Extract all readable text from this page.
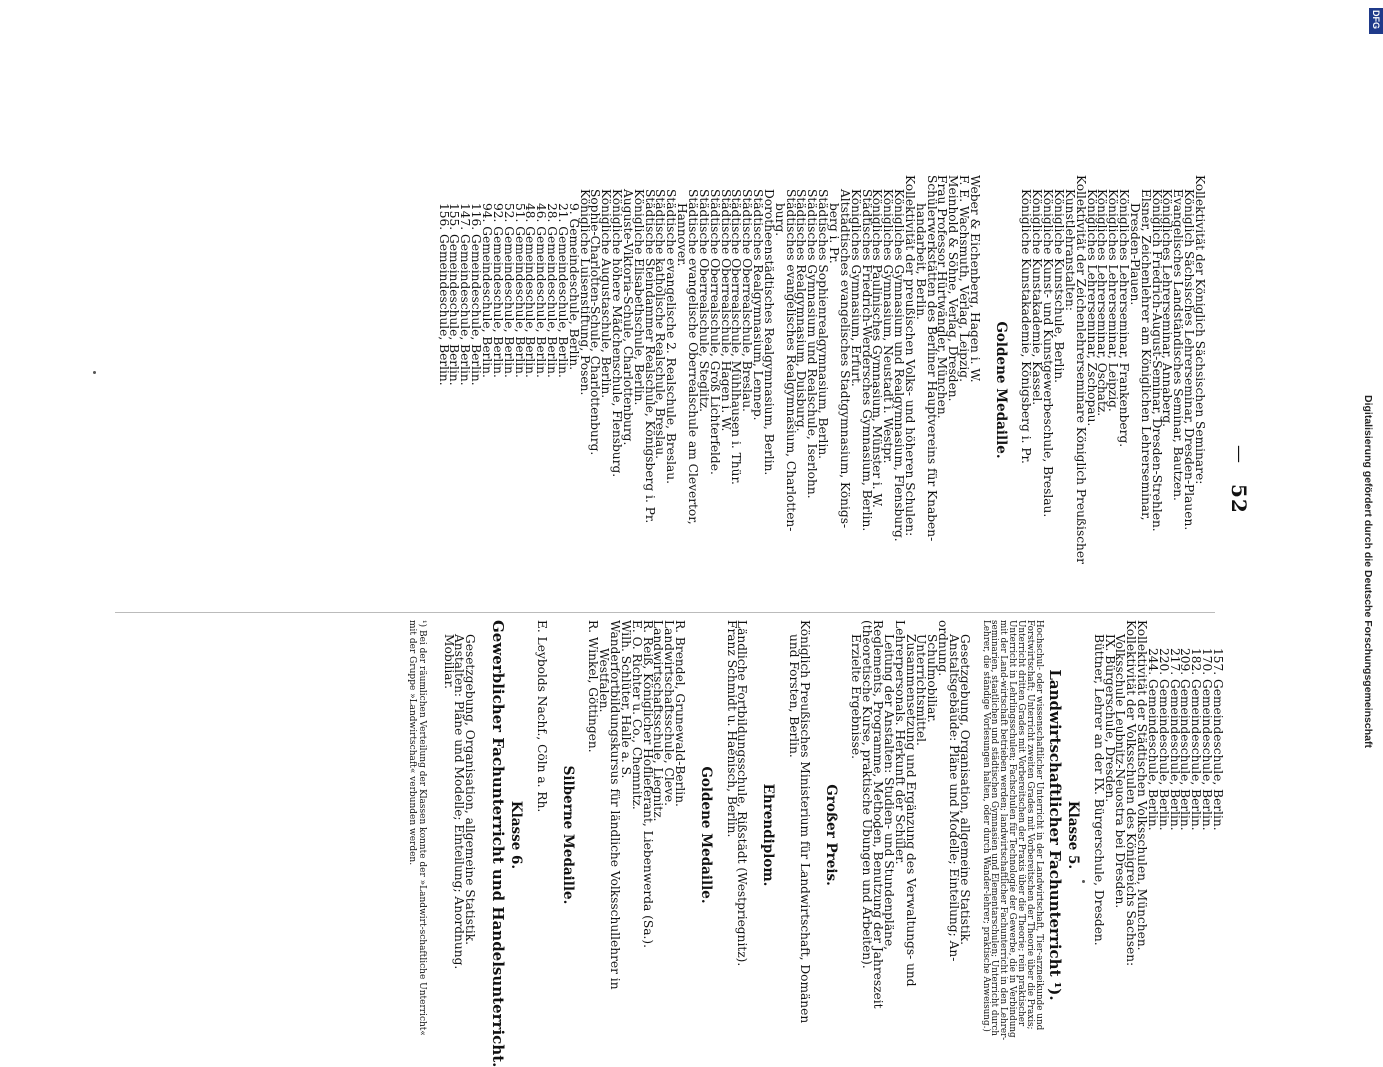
52
—
Kollektivität der Königlich Sächsischen Seminare:
Königlich Sächsisches Lehrerseminar, Dresden-Plauen.
Evangelisches Landständisches Seminar, Bautzen.
Königliches Lehrerseminar, Annaberg.
Königlich Friedrich-August-Seminar, Dresden-Strehlen.
Elsner, Zeichenlehrer am Königlichen Lehrerseminar,
Dresden-Plauen.
Königliches Lehrerseminar, Frankenberg.
Königliches Lehrerseminar, Leipzig.
Königliches Lehrerseminar, Oschatz.
Königliches Lehrerseminar, Zschopau.
Kollektivität der Zeichenlehrerseminare Königlich Preußischer
Kunstlehranstalten:
Königliche Kunstschule, Berlin.
Königliche Kunst- und Kunstgewerbeschule, Breslau.
Königliche Kunstakademie, Kassel.
Königliche Kunstakademie, Königsberg i. Pr.

Goldene Medaille.

Weber & Eichenberg, Hagen i. W.
F. E. Wachsmuth, Verlag, Leipzig.
Meinhold & Söhne, Verlag, Dresden.
Frau Professor Hürtwängler, München.
Schülerwerkstätten des Berliner Hauptvereins für Knaben-
handarbeit, Berlin.
Kollektivität der preußischen Volks- und höheren Schulen:
Königliches Gymnasium und Realgymnasium, Flensburg.
Königliches Gymnasium, Neustadt i. Westpr.
Königliches Paulinisches Gymnasium, Münster i. W.
Städtisches Friedrich-Werdersches Gymnasium, Berlin.
Königliches Gymnasium, Erfurt.
Altstädtisches evangelisches Stadtgymnasium, Königs-
berg i. Pr.
Städtisches Sophienrealgymnasium, Berlin.
Städtisches Gymnasium und Realschule, Iserlohn.
Städtisches Realgymnasium, Duisburg.
Städtisches evangelisches Realgymnasium, Charlotten-
burg.
Dorotheenstädtisches Realgymnasium, Berlin.
Städtisches Realgymnasium, Lennep.
Städtische Oberrealschule, Breslau.
Städtische Oberrealschule, Mühlhausen i. Thür.
Städtische Oberrealschule, Hagen i. W.
Städtische Oberrealschule, Groß Lichterfelde.
Städtische Oberrealschule, Steglitz.
Städtische evangelische Oberrealschule am Clevertor,
Hannover.
Städtische evangelische 2. Realschule, Breslau.
Städtische katholische Realschule, Breslau.
Städtische Steindammer Realschule, Königsberg i. Pr.
Königliche Elisabethschule, Berlin.
Auguste-Viktoria-Schule, Charlottenburg.
Königliche höhere Mädchenschule, Flensburg.
Königliche Augustaschule, Berlin.
Sophie-Charlotten-Schule, Charlottenburg.
Königliche Luisenstiftung, Posen.
9. Gemeindeschule, Berlin.
21. Gemeindeschule, Berlin.
28. Gemeindeschule, Berlin.
46. Gemeindeschule, Berlin.
48. Gemeindeschule, Berlin.
51. Gemeindeschule, Berlin.
52. Gemeindeschule, Berlin.
92. Gemeindeschule, Berlin.
94. Gemeindeschule, Berlin.
116. Gemeindeschule, Berlin.
147. Gemeindeschule, Berlin.
155. Gemeindeschule, Berlin.
156. Gemeindeschule, Berlin.
157. Gemeindeschule, Berlin.
170. Gemeindeschule, Berlin.
182. Gemeindeschule, Berlin.
209. Gemeindeschule, Berlin.
217. Gemeindeschule, Berlin.
220. Gemeindeschule, Berlin.
244. Gemeindeschule, Berlin.
Kollektivität der Städtischen Volksschulen, München.
Kollektivität der Volksschulen des Königreichs Sachsen:
Volksschule Leubnitz-Neuostra bei Dresden.
IX. Bürgerschule, Dresden.
Büttner, Lehrer an der IX. Bürgerschule, Dresden.

Klasse 5.
Landwirtschaftlicher Fachunterricht ¹).
Hochschul- oder wissenschaftlicher Unterricht in der Landwirtschaft, Tier-arzneikunde und Forstwirtschaft; Unterricht zweiten Grades mit Vorbereitschen der Theorie über die Praxis; Unterricht dritten Grades mit Vorbereitschen der Praxis über die Theorie; rein praktischer Unterricht in Lehrlingsschulen; Fachschulen für Technologie der Gewerbe, die in Verbindung mit der Land-wirtschaft betrieben werden; landwirtschaftlicher Fachunterricht in den Lehrer-seminarien, staatlichen und städtischen Gymnasien und Elementarschulen; Unterricht durch Lehrer, die ständige Vorlesungen halten, oder durch Wander-lehrer; praktische Anweisung.)

Gesetzgebung, Organisation, allgemeine Statistik.
Anstaltsgebäude: Pläne und Modelle; Einteilung; An-
ordnung.
Schulmobiliar.
Unterrichtsmittel.
Zusammensetzung und Ergänzung des Verwaltungs- und
Lehrerpersonals. Herkunft der Schüler.
Leitung der Anstalten: Studien- und Stundenpläne,
Reglements, Programme, Methoden, Benutzung der Jahreszeit
(theoretische Kurse, praktische Übungen und Arbeiten).
Erzielte Ergebnisse.

Großer Preis.

Königlich Preußisches Ministerium für Landwirtschaft, Domänen
und Forsten, Berlin.

Ehrendiplom.

Ländliche Fortbildungsschule, Rißstädt (Westpriegnitz).
Franz Schmidt u. Haenisch, Berlin.

Goldene Medaille.

R. Brendel, Grunewald-Berlin.
Landwirtschaftsschule, Cleve.
Landwirtschaftsschule, Liegnitz.
R. Reiß, Königlicher Hoflieferant, Liebenwerda (Sa.).
E. O. Richter u. Co., Chemnitz.
Wilh. Schlüter, Halle a. S.
Wanderfortbildungskursus für ländliche Volksschullehrer in
Westfalen.
R. Winkel, Göttingen.

Silberne Medaille.

E. Leybolds Nachf., Cöln a. Rh.

Klasse 6.
Gewerblicher Fachunterricht und Handelsunterricht.

Gesetzgebung, Organisation, allgemeine Statistik.
Anstalten: Pläne und Modelle; Einteilung; Anordnung.
Mobiliar.

¹) Bei der räumlichen Verteilung der Klassen konnte der »Landwirt-schaftliche Unterricht« mit der Gruppe »Landwirtschaft« verbunden werden.
DFG
Digitalisierung gefördert durch die Deutsche Forschungsgemeinschaft
